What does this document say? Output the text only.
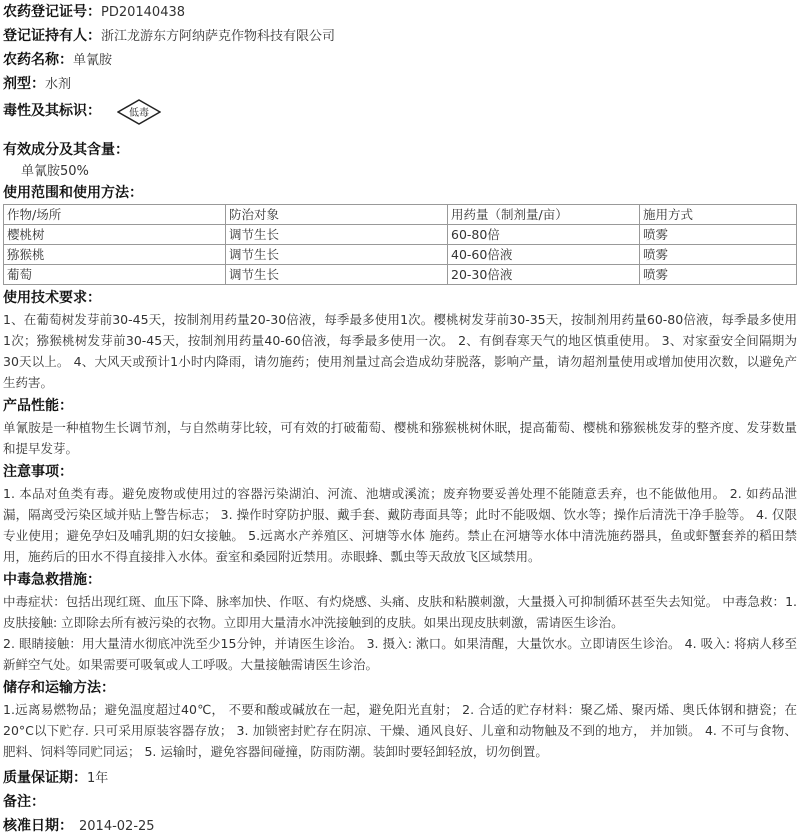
农药登记证号：PD20140438
登记证持有人：浙江龙游东方阿纳萨克作物科技有限公司
农药名称：单氰胺
剂型：水剂
毒性及其标识：	低毒
有效成分及其含量：
单氰胺50%
使用范围和使用方法：
作物/场所	防治对象	用药量（制剂量/亩）	施用方式
樱桃树	调节生长	60-80倍	喷雾
猕猴桃	调节生长	40-60倍液	喷雾
葡萄	调节生长	20-30倍液	喷雾
使用技术要求：
1、在葡萄树发芽前30-45天，按制剂用药量20-30倍液，每季最多使用1次。樱桃树发芽前30-35天，按制剂用药量60-80倍液，每季最多使用1次；猕猴桃树发芽前30-45天，按制剂用药量40-60倍液，每季最多使用一次。 2、有倒春寒天气的地区慎重使用。 3、对家蚕安全间隔期为30天以上。 4、大风天或预计1小时内降雨，请勿施药；使用剂量过高会造成幼芽脱落，影响产量，请勿超剂量使用或增加使用次数，以避免产生药害。
产品性能：
单氰胺是一种植物生长调节剂，与自然萌芽比较，可有效的打破葡萄、樱桃和猕猴桃树休眠，提高葡萄、樱桃和猕猴桃发芽的整齐度、发芽数量和提早发芽。
注意事项：
1. 本品对鱼类有毒。避免废物或使用过的容器污染湖泊、河流、池塘或溪流；废弃物要妥善处理不能随意丢弃，也不能做他用。 2. 如药品泄漏，隔离受污染区域并贴上警告标志； 3. 操作时穿防护服、戴手套、戴防毒面具等；此时不能吸烟、饮水等；操作后清洗干净手脸等。 4. 仅限专业使用；避免孕妇及哺乳期的妇女接触。 5.远离水产养殖区、河塘等水体 施药。禁止在河塘等水体中清洗施药器具，鱼或虾蟹套养的稻田禁用，施药后的田水不得直接排入水体。蚕室和桑园附近禁用。赤眼蜂、瓢虫等天敌放飞区域禁用。
中毒急救措施：

中毒症状：包括出现红斑、血压下降、脉率加快、作呕、有灼烧感、头痛、皮肤和粘膜刺激，大量摄入可抑制循环甚至失去知觉。 中毒急救：1. 皮肤接触: 立即除去所有被污染的衣物。立即用大量清水冲洗接触到的皮肤。如果出现皮肤刺激，需请医生诊治。

2. 眼睛接触：用大量清水彻底冲洗至少15分钟，并请医生诊治。 3. 摄入: 漱口。如果清醒，大量饮水。立即请医生诊治。 4. 吸入: 将病人移至新鲜空气处。如果需要可吸氧或人工呼吸。大量接触需请医生诊治。

储存和运输方法：
1.远离易燃物品；避免温度超过40℃， 不要和酸或碱放在一起，避免阳光直射； 2. 合适的贮存材料：聚乙烯、聚丙烯、奥氏体钢和搪瓷；在 20°C以下贮存. 只可采用原装容器存放； 3. 加锁密封贮存在阴凉、干燥、通风良好、儿童和动物触及不到的地方， 并加锁。 4. 不可与食物、肥料、饲料等同贮同运； 5. 运输时，避免容器间碰撞，防雨防潮。装卸时要轻卸轻放，切勿倒置。
质量保证期：1年
备注：
核准日期： 2014-02-25
